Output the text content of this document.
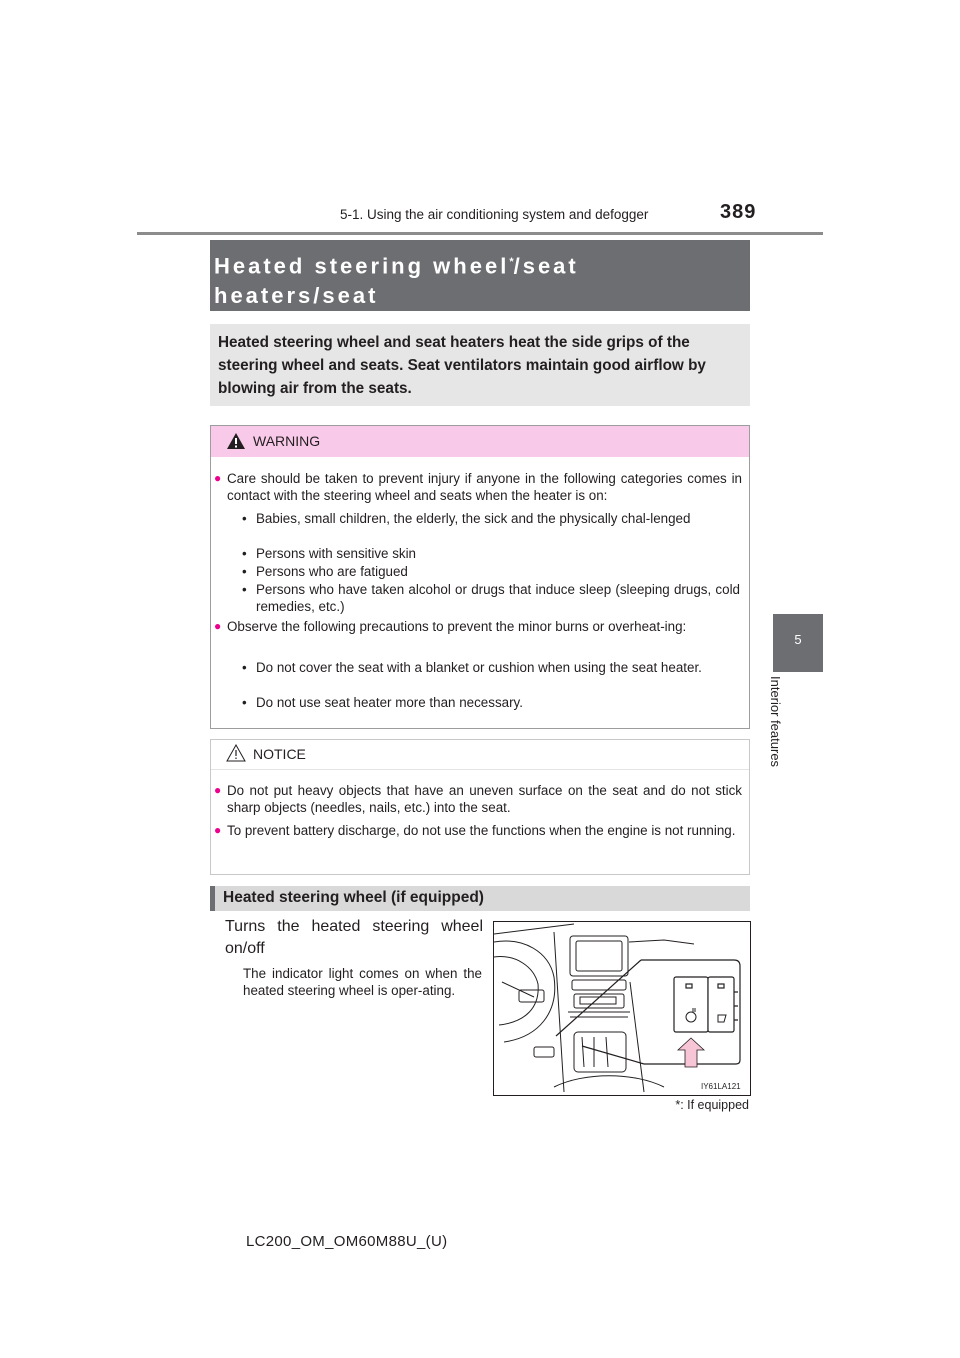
5-1. Using the air conditioning system and defogger	389
5
Interior features
Heated steering wheel*/seat heaters/seat

Heated steering wheel and seat heaters heat the side grips of the steering wheel and seats. Seat ventilators maintain good airflow by blowing air from the seats.
WARNING
● Care should be taken to prevent injury if anyone in the following categories comes in contact with the steering wheel and seats when the heater is on:
• Babies, small children, the elderly, the sick and the physically chal-lenged
• Persons with sensitive skin
• Persons who are fatigued
• Persons who have taken alcohol or drugs that induce sleep (sleeping drugs, cold remedies, etc.)
● Observe the following precautions to prevent the minor burns or overheat-ing:
• Do not cover the seat with a blanket or cushion when using the seat heater.
• Do not use seat heater more than necessary.
NOTICE
● Do not put heavy objects that have an uneven surface on the seat and do not stick sharp objects (needles, nails, etc.) into the seat.
● To prevent battery discharge, do not use the functions when the engine is not running.
Heated steering wheel (if equipped)
Turns the heated steering wheel on/off
The indicator light comes on when the heated steering wheel is oper-ating.
IY61LA121
*: If equipped
LC200_OM_OM60M88U_(U)
